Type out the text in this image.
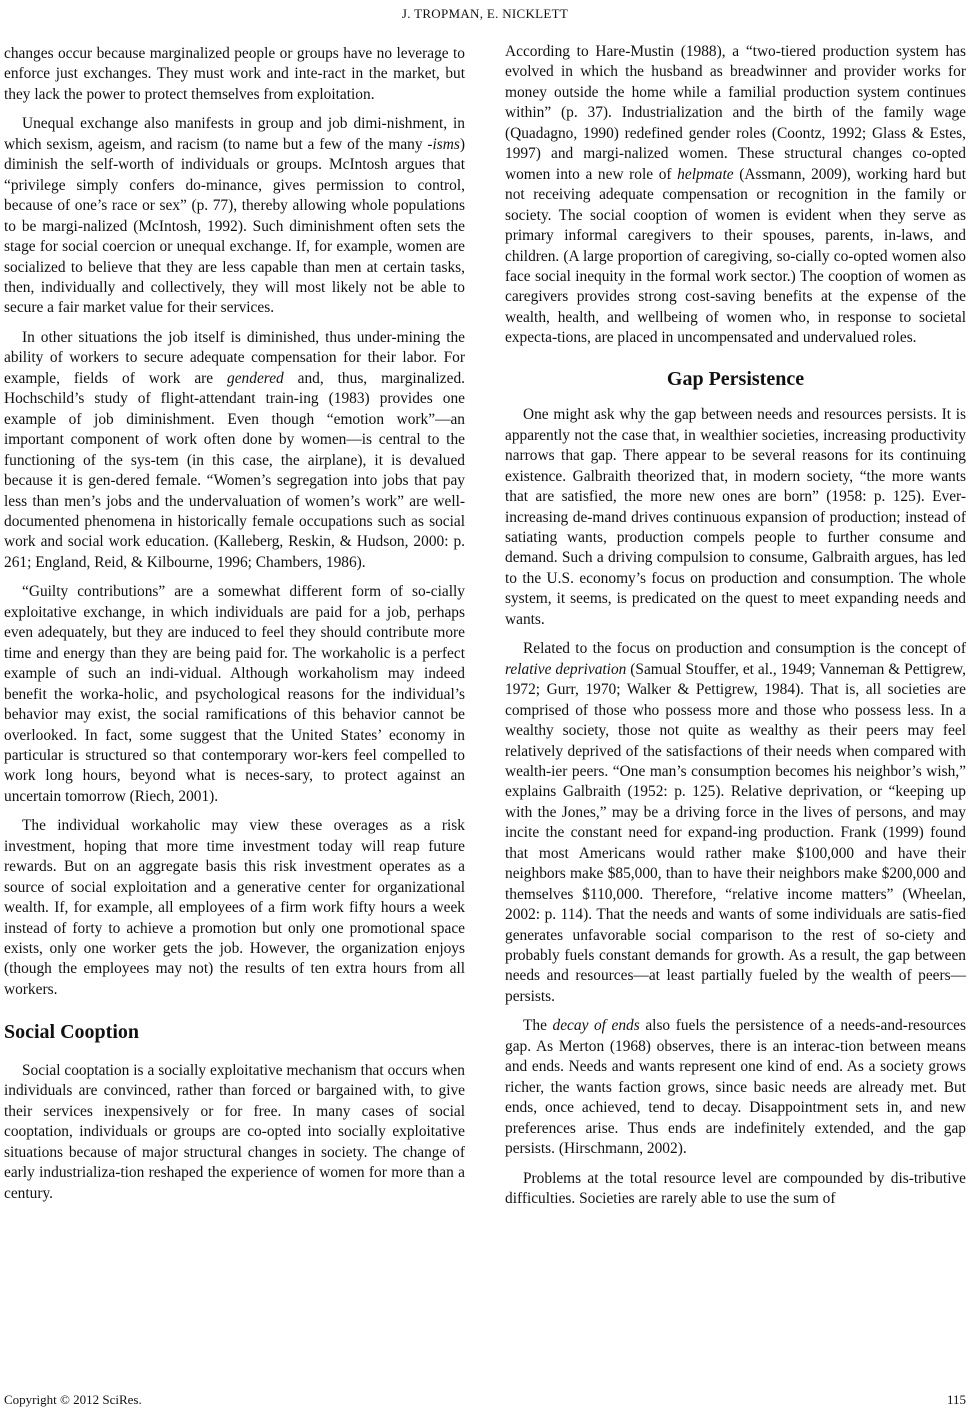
J. TROPMAN, E. NICKLETT

changes occur because marginalized people or groups have no leverage to enforce just exchanges. They must work and inte-ract in the market, but they lack the power to protect themselves from exploitation.

Unequal exchange also manifests in group and job dimi-nishment, in which sexism, ageism, and racism (to name but a few of the many -isms) diminish the self-worth of individuals or groups. McIntosh argues that “privilege simply confers do-minance, gives permission to control, because of one’s race or sex” (p. 77), thereby allowing whole populations to be margi-nalized (McIntosh, 1992). Such diminishment often sets the stage for social coercion or unequal exchange. If, for example, women are socialized to believe that they are less capable than men at certain tasks, then, individually and collectively, they will most likely not be able to secure a fair market value for their services.

In other situations the job itself is diminished, thus under-mining the ability of workers to secure adequate compensation for their labor. For example, fields of work are gendered and, thus, marginalized. Hochschild’s study of flight-attendant train-ing (1983) provides one example of job diminishment. Even though “emotion work”—an important component of work often done by women—is central to the functioning of the sys-tem (in this case, the airplane), it is devalued because it is gen-dered female. “Women’s segregation into jobs that pay less than men’s jobs and the undervaluation of women’s work” are well-documented phenomena in historically female occupations such as social work and social work education. (Kalleberg, Reskin, & Hudson, 2000: p. 261; England, Reid, & Kilbourne, 1996; Chambers, 1986).

“Guilty contributions” are a somewhat different form of so-cially exploitative exchange, in which individuals are paid for a job, perhaps even adequately, but they are induced to feel they should contribute more time and energy than they are being paid for. The workaholic is a perfect example of such an indi-vidual. Although workaholism may indeed benefit the worka-holic, and psychological reasons for the individual’s behavior may exist, the social ramifications of this behavior cannot be overlooked. In fact, some suggest that the United States’ economy in particular is structured so that contemporary wor-kers feel compelled to work long hours, beyond what is neces-sary, to protect against an uncertain tomorrow (Riech, 2001).

The individual workaholic may view these overages as a risk investment, hoping that more time investment today will reap future rewards. But on an aggregate basis this risk investment operates as a source of social exploitation and a generative center for organizational wealth. If, for example, all employees of a firm work fifty hours a week instead of forty to achieve a promotion but only one promotional space exists, only one worker gets the job. However, the organization enjoys (though the employees may not) the results of ten extra hours from all workers.

Social Cooption

Social cooptation is a socially exploitative mechanism that occurs when individuals are convinced, rather than forced or bargained with, to give their services inexpensively or for free. In many cases of social cooptation, individuals or groups are co-opted into socially exploitative situations because of major structural changes in society. The change of early industrializa-tion reshaped the experience of women for more than a century.

According to Hare-Mustin (1988), a “two-tiered production system has evolved in which the husband as breadwinner and provider works for money outside the home while a familial production system continues within” (p. 37). Industrialization and the birth of the family wage (Quadagno, 1990) redefined gender roles (Coontz, 1992; Glass & Estes, 1997) and margi-nalized women. These structural changes co-opted women into a new role of helpmate (Assmann, 2009), working hard but not receiving adequate compensation or recognition in the family or society. The social cooption of women is evident when they serve as primary informal caregivers to their spouses, parents, in-laws, and children. (A large proportion of caregiving, so-cially co-opted women also face social inequity in the formal work sector.) The cooption of women as caregivers provides strong cost-saving benefits at the expense of the wealth, health, and wellbeing of women who, in response to societal expecta-tions, are placed in uncompensated and undervalued roles.

Gap Persistence

One might ask why the gap between needs and resources persists. It is apparently not the case that, in wealthier societies, increasing productivity narrows that gap. There appear to be several reasons for its continuing existence. Galbraith theorized that, in modern society, “the more wants that are satisfied, the more new ones are born” (1958: p. 125). Ever-increasing de-mand drives continuous expansion of production; instead of satiating wants, production compels people to further consume and demand. Such a driving compulsion to consume, Galbraith argues, has led to the U.S. economy’s focus on production and consumption. The whole system, it seems, is predicated on the quest to meet expanding needs and wants.

Related to the focus on production and consumption is the concept of relative deprivation (Samual Stouffer, et al., 1949; Vanneman & Pettigrew, 1972; Gurr, 1970; Walker & Pettigrew, 1984). That is, all societies are comprised of those who possess more and those who possess less. In a wealthy society, those not quite as wealthy as their peers may feel relatively deprived of the satisfactions of their needs when compared with wealth-ier peers. “One man’s consumption becomes his neighbor’s wish,” explains Galbraith (1952: p. 125). Relative deprivation, or “keeping up with the Jones,” may be a driving force in the lives of persons, and may incite the constant need for expand-ing production. Frank (1999) found that most Americans would rather make $100,000 and have their neighbors make $85,000, than to have their neighbors make $200,000 and themselves $110,000. Therefore, “relative income matters” (Wheelan, 2002: p. 114). That the needs and wants of some individuals are satis-fied generates unfavorable social comparison to the rest of so-ciety and probably fuels constant demands for growth. As a result, the gap between needs and resources—at least partially fueled by the wealth of peers—persists.

The decay of ends also fuels the persistence of a needs-and-resources gap. As Merton (1968) observes, there is an interac-tion between means and ends. Needs and wants represent one kind of end. As a society grows richer, the wants faction grows, since basic needs are already met. But ends, once achieved, tend to decay. Disappointment sets in, and new preferences arise. Thus ends are indefinitely extended, and the gap persists. (Hirschmann, 2002).

Problems at the total resource level are compounded by dis-tributive difficulties. Societies are rarely able to use the sum of

Copyright © 2012 SciRes.	115
